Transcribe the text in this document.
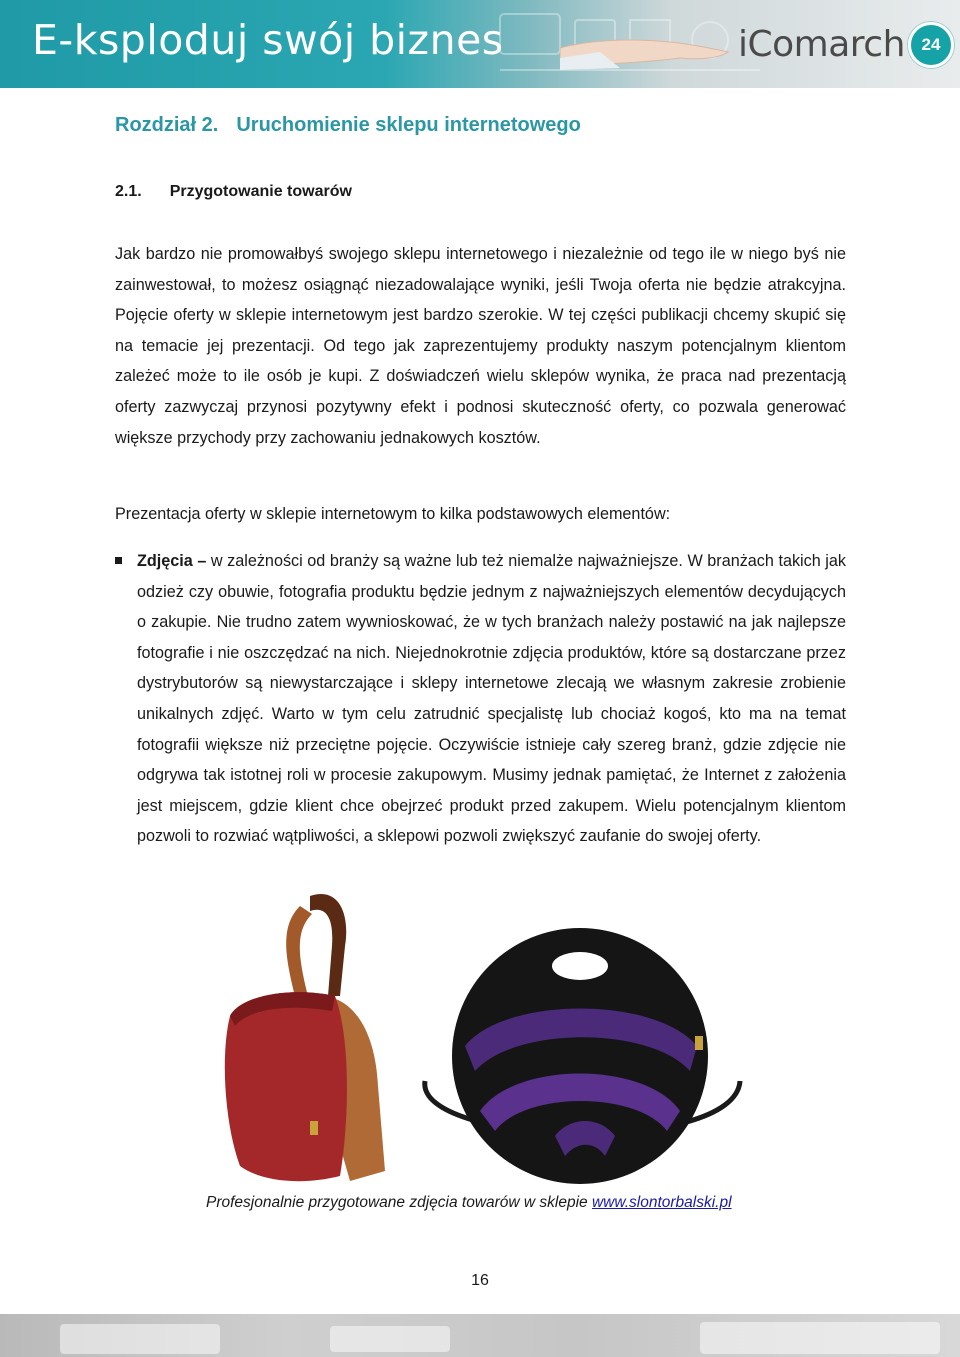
E-ksploduj swój biznes	iComarch 24
Rozdział 2. Uruchomienie sklepu internetowego
2.1. Przygotowanie towarów

Jak bardzo nie promowałbyś swojego sklepu internetowego i niezależnie od tego ile w niego byś nie zainwestował, to możesz osiągnąć niezadowalające wyniki, jeśli Twoja oferta nie będzie atrakcyjna. Pojęcie oferty w sklepie internetowym jest bardzo szerokie. W tej części publikacji chcemy skupić się na temacie jej prezentacji. Od tego jak zaprezentujemy produkty naszym potencjalnym klientom zależeć może to ile osób je kupi. Z doświadczeń wielu sklepów wynika, że praca nad prezentacją oferty zazwyczaj przynosi pozytywny efekt i podnosi skuteczność oferty, co pozwala generować większe przychody przy zachowaniu jednakowych kosztów.

Prezentacja oferty w sklepie internetowym to kilka podstawowych elementów:

Zdjęcia – w zależności od branży są ważne lub też niemalże najważniejsze. W branżach takich jak odzież czy obuwie, fotografia produktu będzie jednym z najważniejszych elementów decydujących o zakupie. Nie trudno zatem wywnioskować, że w tych branżach należy postawić na jak najlepsze fotografie i nie oszczędzać na nich. Niejednokrotnie zdjęcia produktów, które są dostarczane przez dystrybutorów są niewystarczające i sklepy internetowe zlecają we własnym zakresie zrobienie unikalnych zdjęć. Warto w tym celu zatrudnić specjalistę lub chociaż kogoś, kto ma na temat fotografii większe niż przeciętne pojęcie. Oczywiście istnieje cały szereg branż, gdzie zdjęcie nie odgrywa tak istotnej roli w procesie zakupowym. Musimy jednak pamiętać, że Internet z założenia jest miejscem, gdzie klient chce obejrzeć produkt przed zakupem. Wielu potencjalnym klientom pozwoli to rozwiać wątpliwości, a sklepowi pozwoli zwiększyć zaufanie do swojej oferty.

Profesjonalnie przygotowane zdjęcia towarów w sklepie www.slontorbalski.pl
16
